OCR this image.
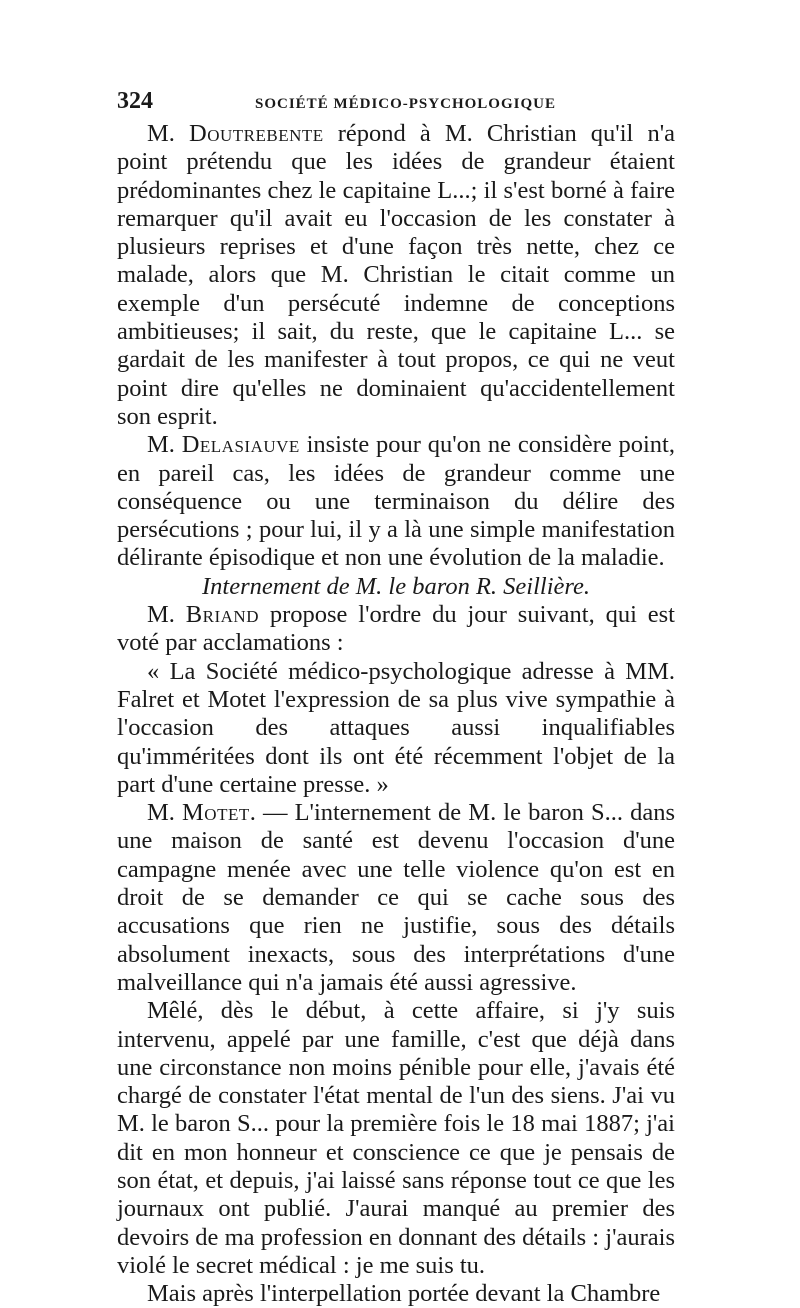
324	SOCIÉTÉ MÉDICO-PSYCHOLOGIQUE

M. Doutrebente répond à M. Christian qu'il n'a point prétendu que les idées de grandeur étaient prédominantes chez le capitaine L...; il s'est borné à faire remarquer qu'il avait eu l'occasion de les constater à plusieurs reprises et d'une façon très nette, chez ce malade, alors que M. Christian le citait comme un exemple d'un persécuté indemne de conceptions ambitieuses; il sait, du reste, que le capitaine L... se gardait de les manifester à tout propos, ce qui ne veut point dire qu'elles ne dominaient qu'accidentellement son esprit.

M. Delasiauve insiste pour qu'on ne considère point, en pareil cas, les idées de grandeur comme une conséquence ou une terminaison du délire des persécutions ; pour lui, il y a là une simple manifestation délirante épisodique et non une évolution de la maladie.

Internement de M. le baron R. Seillière.

M. Briand propose l'ordre du jour suivant, qui est voté par acclamations :

« La Société médico-psychologique adresse à MM. Falret et Motet l'expression de sa plus vive sympathie à l'occasion des attaques aussi inqualifiables qu'imméritées dont ils ont été récemment l'objet de la part d'une certaine presse. »

M. Motet. — L'internement de M. le baron S... dans une maison de santé est devenu l'occasion d'une campagne menée avec une telle violence qu'on est en droit de se demander ce qui se cache sous des accusations que rien ne justifie, sous des détails absolument inexacts, sous des interprétations d'une malveillance qui n'a jamais été aussi agressive.

Mêlé, dès le début, à cette affaire, si j'y suis intervenu, appelé par une famille, c'est que déjà dans une circonstance non moins pénible pour elle, j'avais été chargé de constater l'état mental de l'un des siens. J'ai vu M. le baron S... pour la première fois le 18 mai 1887; j'ai dit en mon honneur et conscience ce que je pensais de son état, et depuis, j'ai laissé sans réponse tout ce que les journaux ont publié. J'aurai manqué au premier des devoirs de ma profession en donnant des détails : j'aurais violé le secret médical : je me suis tu.

Mais après l'interpellation portée devant la Chambre
